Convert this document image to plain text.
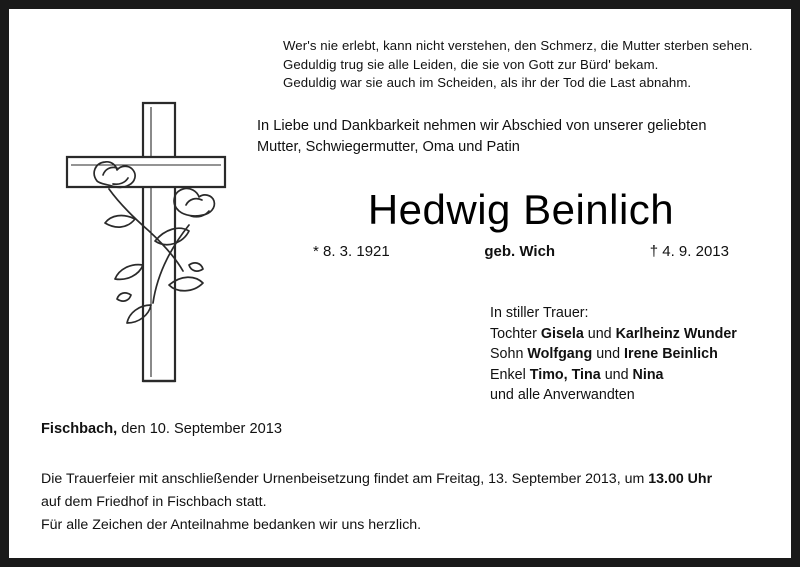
Wer's nie erlebt, kann nicht verstehen, den Schmerz, die Mutter sterben sehen.
Geduldig trug sie alle Leiden, die sie von Gott zur Bürd' bekam.
Geduldig war sie auch im Scheiden, als ihr der Tod die Last abnahm.
In Liebe und Dankbarkeit nehmen wir Abschied von unserer geliebten
Mutter, Schwiegermutter, Oma und Patin
Hedwig Beinlich
* 8. 3. 1921	geb. Wich	† 4. 9. 2013
In stiller Trauer:
Tochter Gisela und Karlheinz Wunder
Sohn Wolfgang und Irene Beinlich
Enkel Timo, Tina und Nina
und alle Anverwandten
Fischbach, den 10. September 2013
Die Trauerfeier mit anschließender Urnenbeisetzung findet am Freitag, 13. September 2013, um 13.00 Uhr
auf dem Friedhof in Fischbach statt.
Für alle Zeichen der Anteilnahme bedanken wir uns herzlich.
